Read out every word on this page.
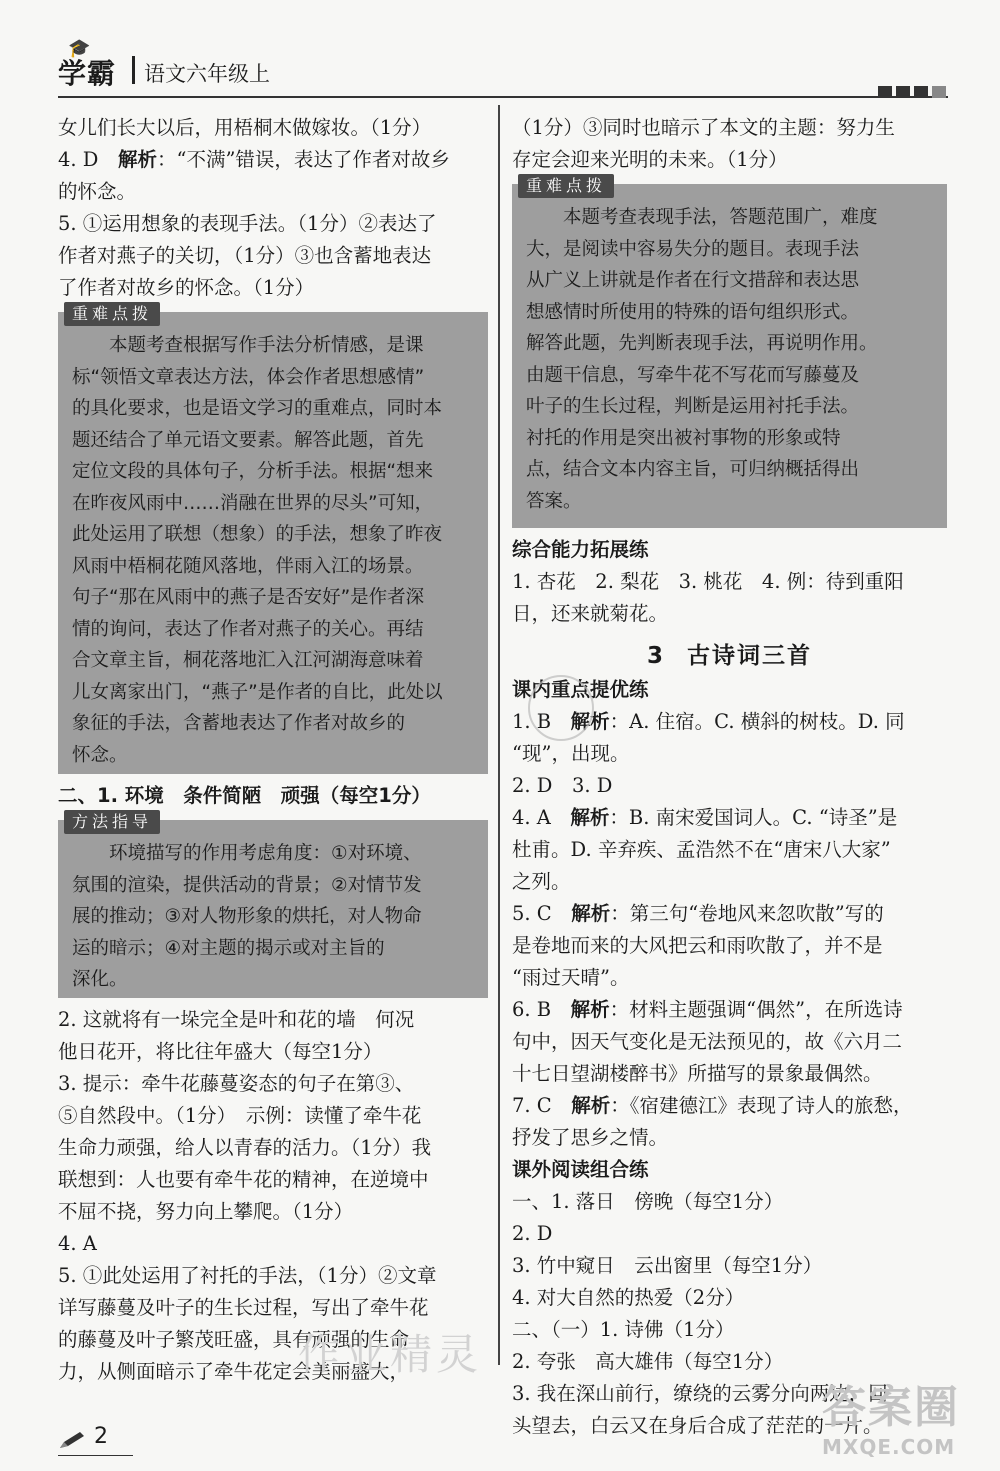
🎓
学霸 语文六年级上
女儿们长大以后，用梧桐木做嫁妆。（1分）
4. D　 解析：“不满”错误，表达了作者对故乡
的怀念。
5. ①运用想象的表现手法。（1分）②表达了
作者对燕子的关切，（1分）③也含蓄地表达
了作者对故乡的怀念。（1分）
重难点拨
　　本题考查根据写作手法分析情感，是课
标“领悟文章表达方法，体会作者思想感情”
的具化要求，也是语文学习的重难点，同时本
题还结合了单元语文要素。解答此题，首先
定位文段的具体句子，分析手法。根据“想来
在昨夜风雨中……消融在世界的尽头”可知，
此处运用了联想（想象）的手法，想象了昨夜
风雨中梧桐花随风落地，伴雨入江的场景。
句子“那在风雨中的燕子是否安好”是作者深
情的询问，表达了作者对燕子的关心。再结
合文章主旨，桐花落地汇入江河湖海意味着
儿女离家出门，“燕子”是作者的自比，此处以
象征的手法，含蓄地表达了作者对故乡的
怀念。
二、1. 环境　条件简陋　顽强（每空1分）
方法指导
　　环境描写的作用考虑角度：①对环境、
氛围的渲染，提供活动的背景；②对情节发
展的推动；③对人物形象的烘托，对人物命
运的暗示；④对主题的揭示或对主旨的
深化。
2. 这就将有一垛完全是叶和花的墙　何况
他日花开，将比往年盛大（每空1分）
3. 提示：牵牛花藤蔓姿态的句子在第③、
⑤自然段中。（1分）　示例：读懂了牵牛花
生命力顽强，给人以青春的活力。（1分）我
联想到：人也要有牵牛花的精神，在逆境中
不屈不挠，努力向上攀爬。（1分）
4. A
5. ①此处运用了衬托的手法，（1分）②文章
详写藤蔓及叶子的生长过程，写出了牵牛花
的藤蔓及叶子繁茂旺盛，具有顽强的生命
力，从侧面暗示了牵牛花定会美丽盛大，
（1分）③同时也暗示了本文的主题：努力生
存定会迎来光明的未来。（1分）
重难点拨
　　本题考查表现手法，答题范围广，难度
大，是阅读中容易失分的题目。表现手法
从广义上讲就是作者在行文措辞和表达思
想感情时所使用的特殊的语句组织形式。
解答此题，先判断表现手法，再说明作用。
由题干信息，写牵牛花不写花而写藤蔓及
叶子的生长过程，判断是运用衬托手法。
衬托的作用是突出被衬事物的形象或特
点，结合文本内容主旨，可归纳概括得出
答案。
综合能力拓展练
1. 杏花　2. 梨花　3. 桃花　4. 例：待到重阳
日，还来就菊花。
3 古诗词三首
课内重点提优练
1. B　 解析：A. 住宿。C. 横斜的树枝。D. 同
“现”，出现。
2. D　3. D
4. A　 解析：B. 南宋爱国词人。C. “诗圣”是
杜甫。D. 辛弃疾、孟浩然不在“唐宋八大家”
之列。
5. C　 解析：第三句“卷地风来忽吹散”写的
是卷地而来的大风把云和雨吹散了，并不是
“雨过天晴”。
6. B　 解析：材料主题强调“偶然”，在所选诗
句中，因天气变化是无法预见的，故《六月二
十七日望湖楼醉书》所描写的景象最偶然。
7. C　 解析：《宿建德江》表现了诗人的旅愁，
抒发了思乡之情。
课外阅读组合练
一、1. 落日　傍晚（每空1分）
2. D
3. 竹中窥日　云出窗里（每空1分）
4. 对大自然的热爱（2分）
二、（一）1. 诗佛（1分）
2. 夸张　高大雄伟（每空1分）
3. 我在深山前行，缭绕的云雾分向两边，回
头望去，白云又在身后合成了茫茫的一片。
2
作业精灵
答案圈
MXQE.COM
